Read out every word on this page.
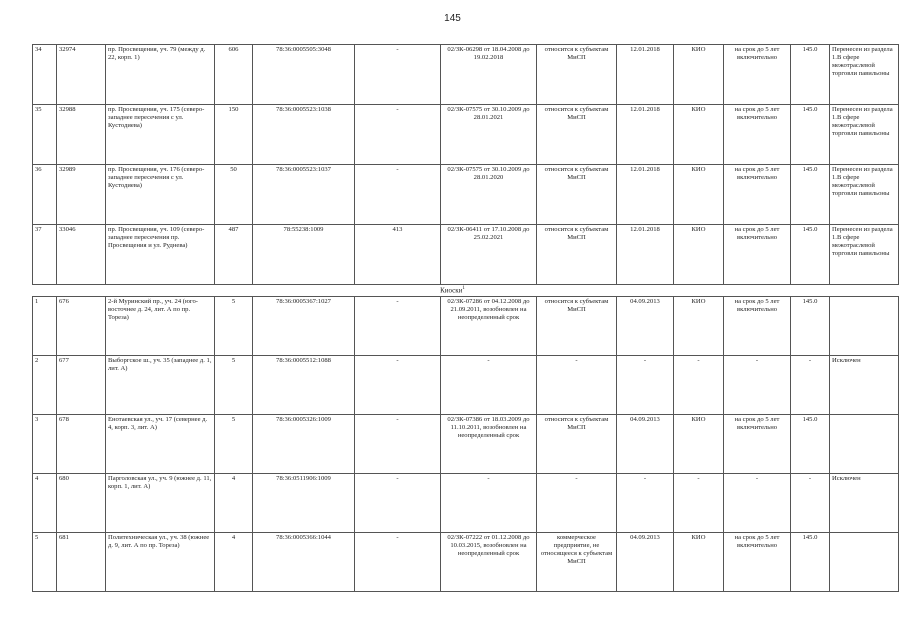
145
34	32974	пр. Просвещения, уч. 79 (между д. 22, корп. 1)	606	78:36:0005505:3048	-	02/ЗК-06298 от 18.04.2008 до 19.02.2018	относится к субъектам МиСП	12.01.2018	КИО	на срок до 5 лет включительно	145.0	Перенесен из раздела 1.В сфере межотраслевой торговли павильоны
35	32988	пр. Просвещения, уч. 175 (северо-западнее пересечения с ул. Кустодиева)	150	78:36:0005523:1038	-	02/ЗК-07575 от 30.10.2009 до 28.01.2021	относится к субъектам МиСП	12.01.2018	КИО	на срок до 5 лет включительно	145.0	Перенесен из раздела 1.В сфере межотраслевой торговли павильоны
36	32989	пр. Просвещения, уч. 176 (северо-западнее пересечения с ул. Кустодиева)	50	78:36:0005523:1037	-	02/ЗК-07575 от 30.10.2009 до 28.01.2020	относится к субъектам МиСП	12.01.2018	КИО	на срок до 5 лет включительно	145.0	Перенесен из раздела 1.В сфере межотраслевой торговли павильоны
37	33046	пр. Просвещения, уч. 109 (северо-западнее пересечения пр. Просвещения и ул. Руднева)	487	78:55238:1009	413	02/ЗК-06411 от 17.10.2008 до 25.02.2021	относится к субъектам МиСП	12.01.2018	КИО	на срок до 5 лет включительно	145.0	Перенесен из раздела 1.В сфере межотраслевой торговли павильоны
Киоски$^1$
1	676	2-й Муринский пр., уч. 24 (юго-восточнее д. 24, лит. А по пр. Тореза)	5	78:36:0005367:1027	-	02/ЗК-07286 от 04.12.2008 до 21.09.2011, возобновлен на неопределенный срок	относится к субъектам МиСП	04.09.2013	КИО	на срок до 5 лет включительно	145.0	
2	677	Выборгское ш., уч. 35 (западнее д. 1, лит. А)	5	78:36:0005512:1088	-	-	-	-	-	-	-	Исключен
3	678	Енотаевская ул., уч. 17 (севернее д. 4, корп. 3, лит. А)	5	78:36:0005326:1009	-	02/ЗК-07386 от 18.03.2009 до 11.10.2011, возобновлен на неопределенный срок	относится к субъектам МиСП	04.09.2013	КИО	на срок до 5 лет включительно	145.0	
4	680	Парголовская ул., уч. 9 (южнее д. 11, корп. 1, лит. А)	4	78:36:0511906:1009	-	-	-	-	-	-	-	Исключен
5	681	Политехническая ул., уч. 38 (южнее д. 9, лит. А по пр. Тореза)	4	78:36:0005366:1044	-	02/ЗК-07222 от 01.12.2008 до 10.03.2015, возобновлен на неопределенный срок	коммерческое предприятие, не относящееся к субъектам МиСП	04.09.2013	КИО	на срок до 5 лет включительно	145.0	
